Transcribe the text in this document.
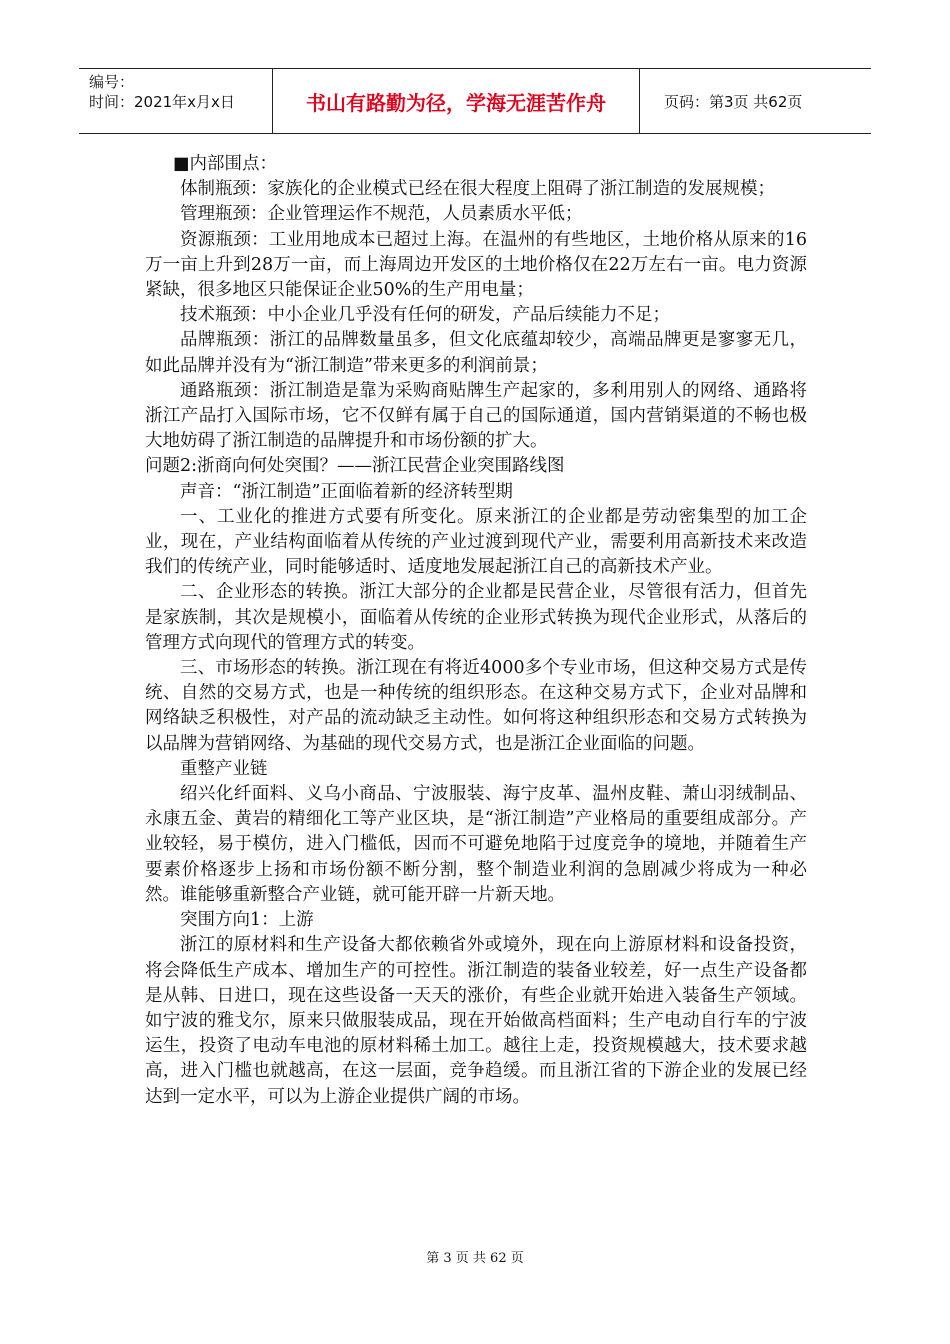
编号：
时间：2021年x月x日	书山有路勤为径，学海无涯苦作舟	页码：第3页 共62页

■内部围点：

体制瓶颈：家族化的企业模式已经在很大程度上阻碍了浙江制造的发展规模；

管理瓶颈：企业管理运作不规范，人员素质水平低；

资源瓶颈：工业用地成本已超过上海。在温州的有些地区，土地价格从原来的16万一亩上升到28万一亩，而上海周边开发区的土地价格仅在22万左右一亩。电力资源紧缺，很多地区只能保证企业50%的生产用电量；

技术瓶颈：中小企业几乎没有任何的研发，产品后续能力不足；

品牌瓶颈：浙江的品牌数量虽多，但文化底蕴却较少，高端品牌更是寥寥无几，如此品牌并没有为“浙江制造”带来更多的利润前景；

通路瓶颈：浙江制造是靠为采购商贴牌生产起家的，多利用别人的网络、通路将浙江产品打入国际市场，它不仅鲜有属于自己的国际通道，国内营销渠道的不畅也极大地妨碍了浙江制造的品牌提升和市场份额的扩大。

问题2:浙商向何处突围？——浙江民营企业突围路线图

声音：“浙江制造”正面临着新的经济转型期

一、工业化的推进方式要有所变化。原来浙江的企业都是劳动密集型的加工企业，现在，产业结构面临着从传统的产业过渡到现代产业，需要利用高新技术来改造我们的传统产业，同时能够适时、适度地发展起浙江自己的高新技术产业。

二、企业形态的转换。浙江大部分的企业都是民营企业，尽管很有活力，但首先是家族制，其次是规模小，面临着从传统的企业形式转换为现代企业形式，从落后的管理方式向现代的管理方式的转变。

三、市场形态的转换。浙江现在有将近4000多个专业市场，但这种交易方式是传统、自然的交易方式，也是一种传统的组织形态。在这种交易方式下，企业对品牌和网络缺乏积极性，对产品的流动缺乏主动性。如何将这种组织形态和交易方式转换为以品牌为营销网络、为基础的现代交易方式，也是浙江企业面临的问题。

重整产业链

绍兴化纤面料、义乌小商品、宁波服装、海宁皮革、温州皮鞋、萧山羽绒制品、永康五金、黄岩的精细化工等产业区块，是“浙江制造”产业格局的重要组成部分。产业较轻，易于模仿，进入门槛低，因而不可避免地陷于过度竞争的境地，并随着生产要素价格逐步上扬和市场份额不断分割，整个制造业利润的急剧减少将成为一种必然。谁能够重新整合产业链，就可能开辟一片新天地。

突围方向1：上游

浙江的原材料和生产设备大都依赖省外或境外，现在向上游原材料和设备投资，将会降低生产成本、增加生产的可控性。浙江制造的装备业较差，好一点生产设备都是从韩、日进口，现在这些设备一天天的涨价，有些企业就开始进入装备生产领域。如宁波的雅戈尔，原来只做服装成品，现在开始做高档面料；生产电动自行车的宁波运生，投资了电动车电池的原材料稀土加工。越往上走，投资规模越大，技术要求越高，进入门槛也就越高，在这一层面，竞争趋缓。而且浙江省的下游企业的发展已经达到一定水平，可以为上游企业提供广阔的市场。

第 3 页 共 62 页
